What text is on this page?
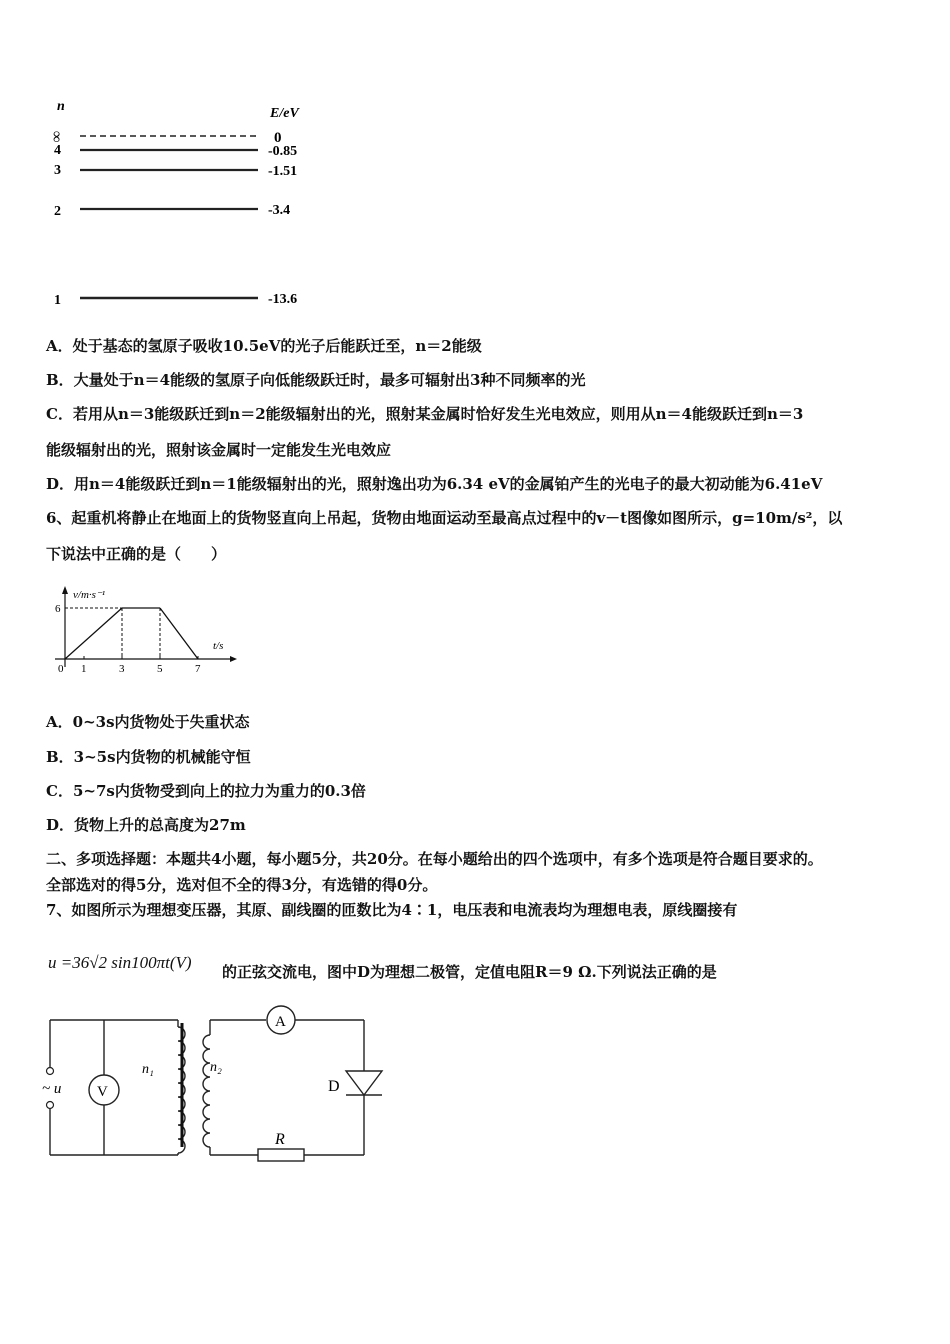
n	E/eV
∞	0
4	-0.85
3	-1.51
2	-3.4
1	-13.6
A．处于基态的氢原子吸收10.5eV的光子后能跃迁至，n＝2能级
B．大量处于n＝4能级的氢原子向低能级跃迁时，最多可辐射出3种不同频率的光
C．若用从n＝3能级跃迁到n＝2能级辐射出的光，照射某金属时恰好发生光电效应，则用从n＝4能级跃迁到n＝3
能级辐射出的光，照射该金属时一定能发生光电效应
D．用n＝4能级跃迁到n＝1能级辐射出的光，照射逸出功为6.34 eV的金属铂产生的光电子的最大初动能为6.41eV
6、起重机将静止在地面上的货物竖直向上吊起，货物由地面运动至最高点过程中的v－t图像如图所示，g=10m/s²，以
下说法中正确的是（　　）
v/m·s⁻¹
t/s
0
6
1	3	5	7
A．0~3s内货物处于失重状态
B．3~5s内货物的机械能守恒
C．5~7s内货物受到向上的拉力为重力的0.3倍
D．货物上升的总高度为27m
二、多项选择题：本题共4小题，每小题5分，共20分。在每小题给出的四个选项中，有多个选项是符合题目要求的。
全部选对的得5分，选对但不全的得3分，有选错的得0分。
7、如图所示为理想变压器，其原、副线圈的匝数比为4∶1，电压表和电流表均为理想电表，原线圈接有
u =36√2 sin100πt(V) 的正弦交流电，图中D为理想二极管，定值电阻R＝9 Ω.下列说法正确的是
~ u V
n₁	n₂
A
D
R
